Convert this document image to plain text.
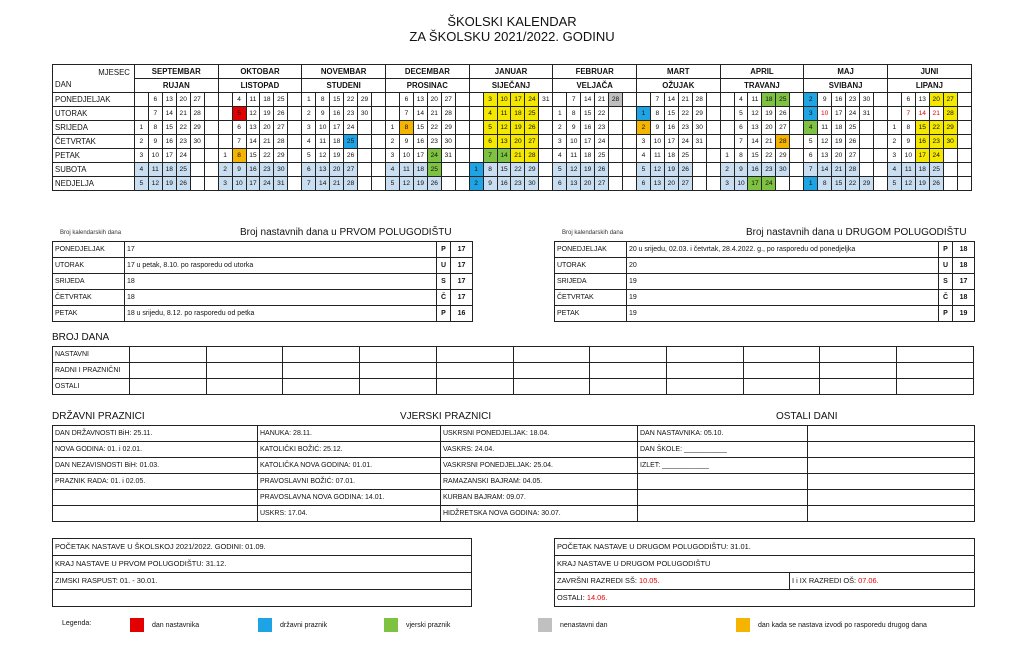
ŠKOLSKI KALENDAR
ZA ŠKOLSKU 2021/2022. GODINU
MJESEC
DAN	SEPTEMBAR						OKTOBAR						NOVEMBAR						DECEMBAR						JANUAR						FEBRUAR						MART						APRIL						MAJ						JUNI					
	RUJAN						LISTOPAD						STUDENI						PROSINAC						SIJEČANJ						VELJAČA						OŽUJAK						TRAVANJ						SVIBANJ						LIPANJ					
PONEDJELJAK		6	13	20	27			4	11	18	25		1	8	15	22	29			6	13	20	27			3	10	17	24	31		7	14	21	28			7	14	21	28			4	11	18	25		2	9	16	23	30			6	13	20	27	
UTORAK		7	14	21	28			5	12	19	26		2	9	16	23	30			7	14	21	28			4	11	18	25		1	8	15	22			1	8	15	22	29			5	12	19	26		3	10	17	24	31			7	14	21	28	
SRIJEDA	1	8	15	22	29			6	13	20	27		3	10	17	24			1	8	15	22	29			5	12	19	26		2	9	16	23			2	9	16	23	30			6	13	20	27		4	11	18	25			1	8	15	22	29	
ČETVRTAK	2	9	16	23	30			7	14	21	28		4	11	18	25			2	9	16	23	30			6	13	20	27		3	10	17	24			3	10	17	24	31			7	14	21	28		5	12	19	26			2	9	16	23	30	
PETAK	3	10	17	24			1	8	15	22	29		5	12	19	26			3	10	17	24	31			7	14	21	28		4	11	18	25			4	11	18	25			1	8	15	22	29		6	13	20	27			3	10	17	24		
SUBOTA	4	11	18	25			2	9	16	23	30		6	13	20	27			4	11	18	25			1	8	15	22	29		5	12	19	26			5	12	19	26			2	9	16	23	30		7	14	21	28			4	11	18	25		
NEDJELJA	5	12	19	26			3	10	17	24	31		7	14	21	28			5	12	19	26			2	9	16	23	30		6	13	20	27			6	13	20	27			3	10	17	24			1	8	15	22	29		5	12	19	26		
Broj kalendarskih dana	Broj nastavnih dana u PRVOM POLUGODIŠTU
PONEDJELJAK	17		P	17
UTORAK	17	u petak, 8.10. po rasporedu od utorka	U	17
SRIJEDA	18		S	17
ČETVRTAK	18		Č	17
PETAK	18	u srijedu, 8.12. po rasporedu od petka	P	16
Broj kalendarskih dana	Broj nastavnih dana u DRUGOM POLUGODIŠTU
PONEDJELJAK	20	u srijedu, 02.03. i četvrtak, 28.4.2022. g., po rasporedu od ponedjeljka	P	18
UTORAK	20		U	18
SRIJEDA	19		S	17
ČETVRTAK	19		Č	18
PETAK	19		P	19
BROJ DANA
NASTAVNI											
RADNI I PRAZNIČNI											
OSTALI											
DRŽAVNI PRAZNICI	VJERSKI PRAZNICI	OSTALI DANI
DAN DRŽAVNOSTI BiH: 25.11.	HANUKA: 28.11.	USKRSNI PONEDJELJAK: 18.04.	DAN NASTAVNIKA: 05.10.	
NOVA GODINA: 01. i 02.01.	KATOLIČKI BOŽIĆ: 25.12.	VASKRS: 24.04.	DAN ŠKOLE: ___________	
DAN NEZAVISNOSTI BiH: 01.03.	KATOLIČKA NOVA GODINA: 01.01.	VASKRSNI PONEDJELJAK: 25.04.	IZLET: ____________	
PRAZNIK RADA: 01. i 02.05.	PRAVOSLAVNI BOŽIĆ: 07.01.	RAMAZANSKI BAJRAM: 04.05.		
	PRAVOSLAVNA NOVA GODINA: 14.01.	KURBAN BAJRAM: 09.07.		
	USKRS: 17.04.	HIDŽRETSKA NOVA GODINA: 30.07.		
POČETAK NASTAVE U ŠKOLSKOJ 2021/2022. GODINI: 01.09.
KRAJ NASTAVE U PRVOM POLUGODIŠTU: 31.12.
ZIMSKI RASPUST: 01. - 30.01.

POČETAK NASTAVE U DRUGOM POLUGODIŠTU: 31.01.
KRAJ NASTAVE U DRUGOM POLUGODIŠTU
ZAVRŠNI RAZREDI SŠ: 10.05.	I i IX RAZREDI OŠ: 07.06.
OSTALI: 14.06.
Legenda:	dan nastavnika	državni praznik	vjerski praznik	nenastavni dan	dan kada se nastava izvodi po rasporedu drugog dana
